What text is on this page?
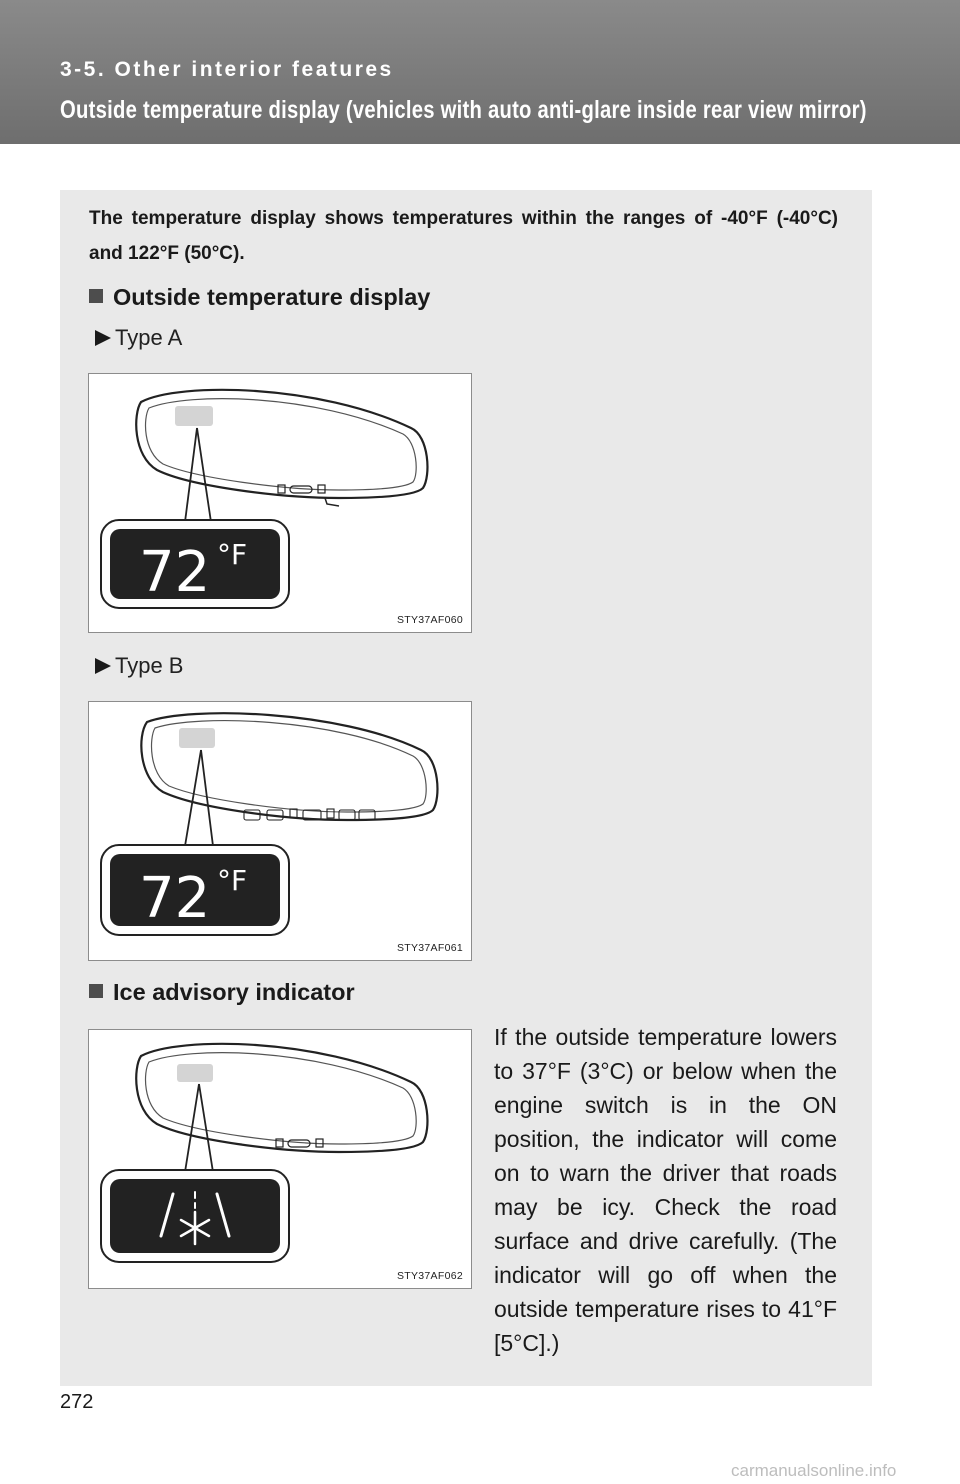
3-5. Other interior features
Outside temperature display (vehicles with auto anti-glare inside rear view mirror)
The temperature display shows temperatures within the ranges of -40°F (-40°C) and 122°F (50°C).
Outside temperature display
Type A
72 °F
STY37AF060
Type B
72 °F
STY37AF061
Ice advisory indicator
STY37AF062
If the outside temperature lowers to 37°F (3°C) or below when the engine switch is in the ON position, the indicator will come on to warn the driver that roads may be icy. Check the road surface and drive carefully. (The indicator will go off when the outside temperature rises to 41°F [5°C].)
272
carmanualsonline.info
